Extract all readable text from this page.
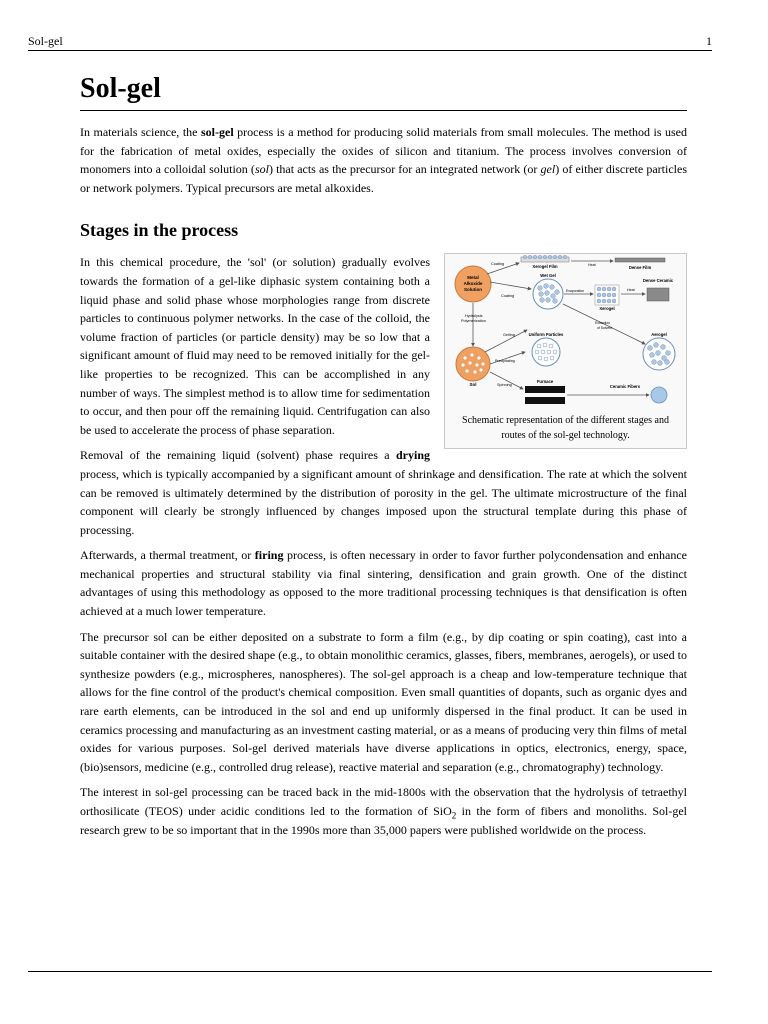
Sol-gel	1
Sol-gel

In materials science, the sol-gel process is a method for producing solid materials from small molecules. The method is used for the fabrication of metal oxides, especially the oxides of silicon and titanium. The process involves conversion of monomers into a colloidal solution (sol) that acts as the precursor for an integrated network (or gel) of either discrete particles or network polymers. Typical precursors are metal alkoxides.

Stages in the process
Metal
Alkoxide
Solution
Hydrolysis
Polymerization
Sol
Coating	Xerogel Film	Heat	Dense Film
Coating
Wet Gel
Evaporation
Xerogel
Heat
Dense Ceramic
Gelling
Precipitating
Uniform Particles
Extraction
of Solvent
Aerogel
Spinning
Furnace
Ceramic Fibers
Schematic representation of the different stages and routes of the sol-gel technology.

In this chemical procedure, the 'sol' (or solution) gradually evolves towards the formation of a gel-like diphasic system containing both a liquid phase and solid phase whose morphologies range from discrete particles to continuous polymer networks. In the case of the colloid, the volume fraction of particles (or particle density) may be so low that a significant amount of fluid may need to be removed initially for the gel-like properties to be recognized. This can be accomplished in any number of ways. The simplest method is to allow time for sedimentation to occur, and then pour off the remaining liquid. Centrifugation can also be used to accelerate the process of phase separation.

Removal of the remaining liquid (solvent) phase requires a drying process, which is typically accompanied by a significant amount of shrinkage and densification. The rate at which the solvent can be removed is ultimately determined by the distribution of porosity in the gel. The ultimate microstructure of the final component will clearly be strongly influenced by changes imposed upon the structural template during this phase of processing.

Afterwards, a thermal treatment, or firing process, is often necessary in order to favor further polycondensation and enhance mechanical properties and structural stability via final sintering, densification and grain growth. One of the distinct advantages of using this methodology as opposed to the more traditional processing techniques is that densification is often achieved at a much lower temperature.

The precursor sol can be either deposited on a substrate to form a film (e.g., by dip coating or spin coating), cast into a suitable container with the desired shape (e.g., to obtain monolithic ceramics, glasses, fibers, membranes, aerogels), or used to synthesize powders (e.g., microspheres, nanospheres). The sol-gel approach is a cheap and low-temperature technique that allows for the fine control of the product's chemical composition. Even small quantities of dopants, such as organic dyes and rare earth elements, can be introduced in the sol and end up uniformly dispersed in the final product. It can be used in ceramics processing and manufacturing as an investment casting material, or as a means of producing very thin films of metal oxides for various purposes. Sol-gel derived materials have diverse applications in optics, electronics, energy, space, (bio)sensors, medicine (e.g., controlled drug release), reactive material and separation (e.g., chromatography) technology.

The interest in sol-gel processing can be traced back in the mid-1800s with the observation that the hydrolysis of tetraethyl orthosilicate (TEOS) under acidic conditions led to the formation of SiO$_2$ in the form of fibers and monoliths. Sol-gel research grew to be so important that in the 1990s more than 35,000 papers were published worldwide on the process.
